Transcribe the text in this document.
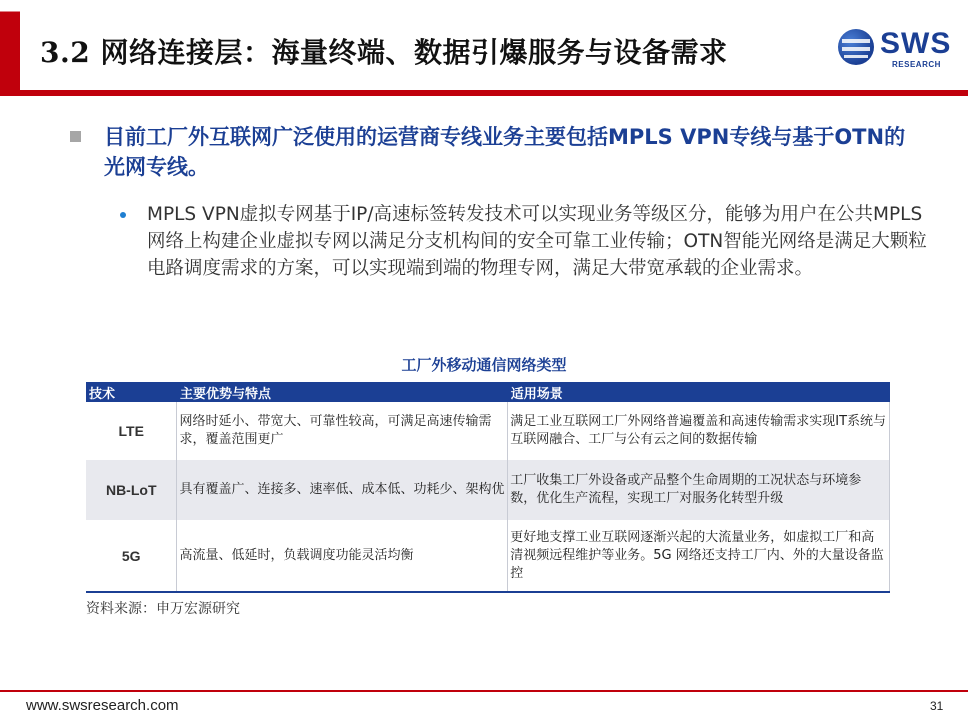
3.2 网络连接层：海量终端、数据引爆服务与设备需求	SWS
RESEARCH
目前工厂外互联网广泛使用的运营商专线业务主要包括MPLS VPN专线与基于OTN的光网专线。
MPLS VPN虚拟专网基于IP/高速标签转发技术可以实现业务等级区分，能够为用户在公共MPLS网络上构建企业虚拟专网以满足分支机构间的安全可靠工业传输；OTN智能光网络是满足大颗粒电路调度需求的方案，可以实现端到端的物理专网，满足大带宽承载的企业需求。
工厂外移动通信网络类型
技术	主要优势与特点	适用场景
LTE	网络时延小、带宽大、可靠性较高，可满足高速传输需求，覆盖范围更广	满足工业互联网工厂外网络普遍覆盖和高速传输需求实现IT系统与互联网融合、工厂与公有云之间的数据传输
NB-LoT	具有覆盖广、连接多、速率低、成本低、功耗少、架构优	工厂收集工厂外设备或产品整个生命周期的工况状态与环境参数，优化生产流程，实现工厂对服务化转型升级
5G	高流量、低延时，负载调度功能灵活均衡	更好地支撑工业互联网逐渐兴起的大流量业务，如虚拟工厂和高清视频远程维护等业务。5G 网络还支持工厂内、外的大量设备监控
资料来源：申万宏源研究
www.swsresearch.com	31
